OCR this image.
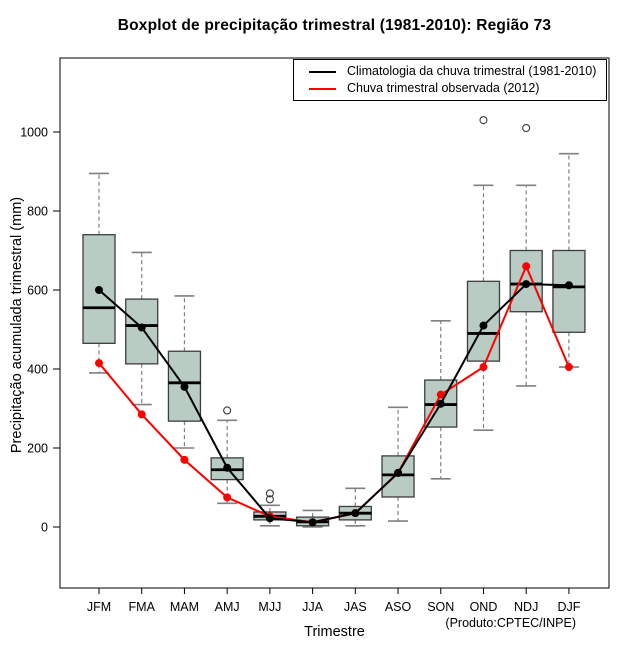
Boxplot de precipitação trimestral (1981-2010): Região 73
0
200
400
600
800
1000
JFM FMA MAM AMJ MJJ JJA JAS ASO SON OND NDJ DJF
Precipitação acumulada trimestral (mm)
Trimestre
(Produto:CPTEC/INPE)
Climatologia da chuva trimestral (1981-2010)
Chuva trimestral observada (2012)
